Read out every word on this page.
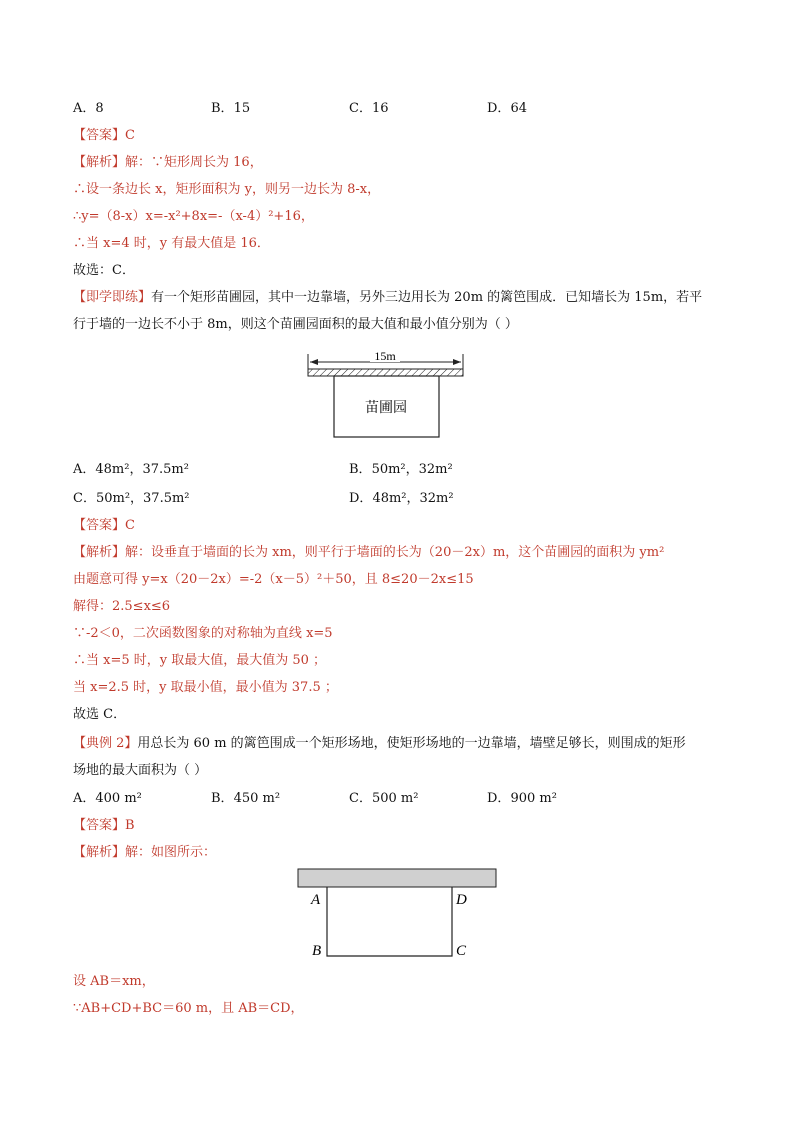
A．8	B．15	C．16	D．64
【答案】C
【解析】解：∵矩形周长为 16，
∴设一条边长 x，矩形面积为 y，则另一边长为 8-x，
∴y=（8-x）x=-x²+8x=-（x-4）²+16，
∴当 x=4 时，y 有最大值是 16．
故选：C．
【即学即练】有一个矩形苗圃园，其中一边靠墙，另外三边用长为 20m 的篱笆围成．已知墙长为 15m，若平
行于墙的一边长不小于 8m，则这个苗圃园面积的最大值和最小值分别为（ ）
15m
苗圃园
A．48m²，37.5m²	B．50m²，32m²
C．50m²，37.5m²	D．48m²，32m²
【答案】C
【解析】解：设垂直于墙面的长为 xm，则平行于墙面的长为（20－2x）m，这个苗圃园的面积为 ym²
由题意可得 y=x（20－2x）=-2（x－5）²＋50，且 8≤20－2x≤15
解得：2.5≤x≤6
∵-2＜0，二次函数图象的对称轴为直线 x=5
∴当 x=5 时，y 取最大值，最大值为 50 ；
当 x=2.5 时，y 取最小值，最小值为 37.5 ；
故选 C．
【典例 2】用总长为 60 m 的篱笆围成一个矩形场地，使矩形场地的一边靠墙，墙壁足够长，则围成的矩形
场地的最大面积为（ ）
A．400 m²	B．450 m²	C．500 m²	D．900 m²
【答案】B
【解析】解：如图所示：
A	D
B	C
设 AB＝xm，
∵AB+CD+BC＝60 m，且 AB＝CD，
